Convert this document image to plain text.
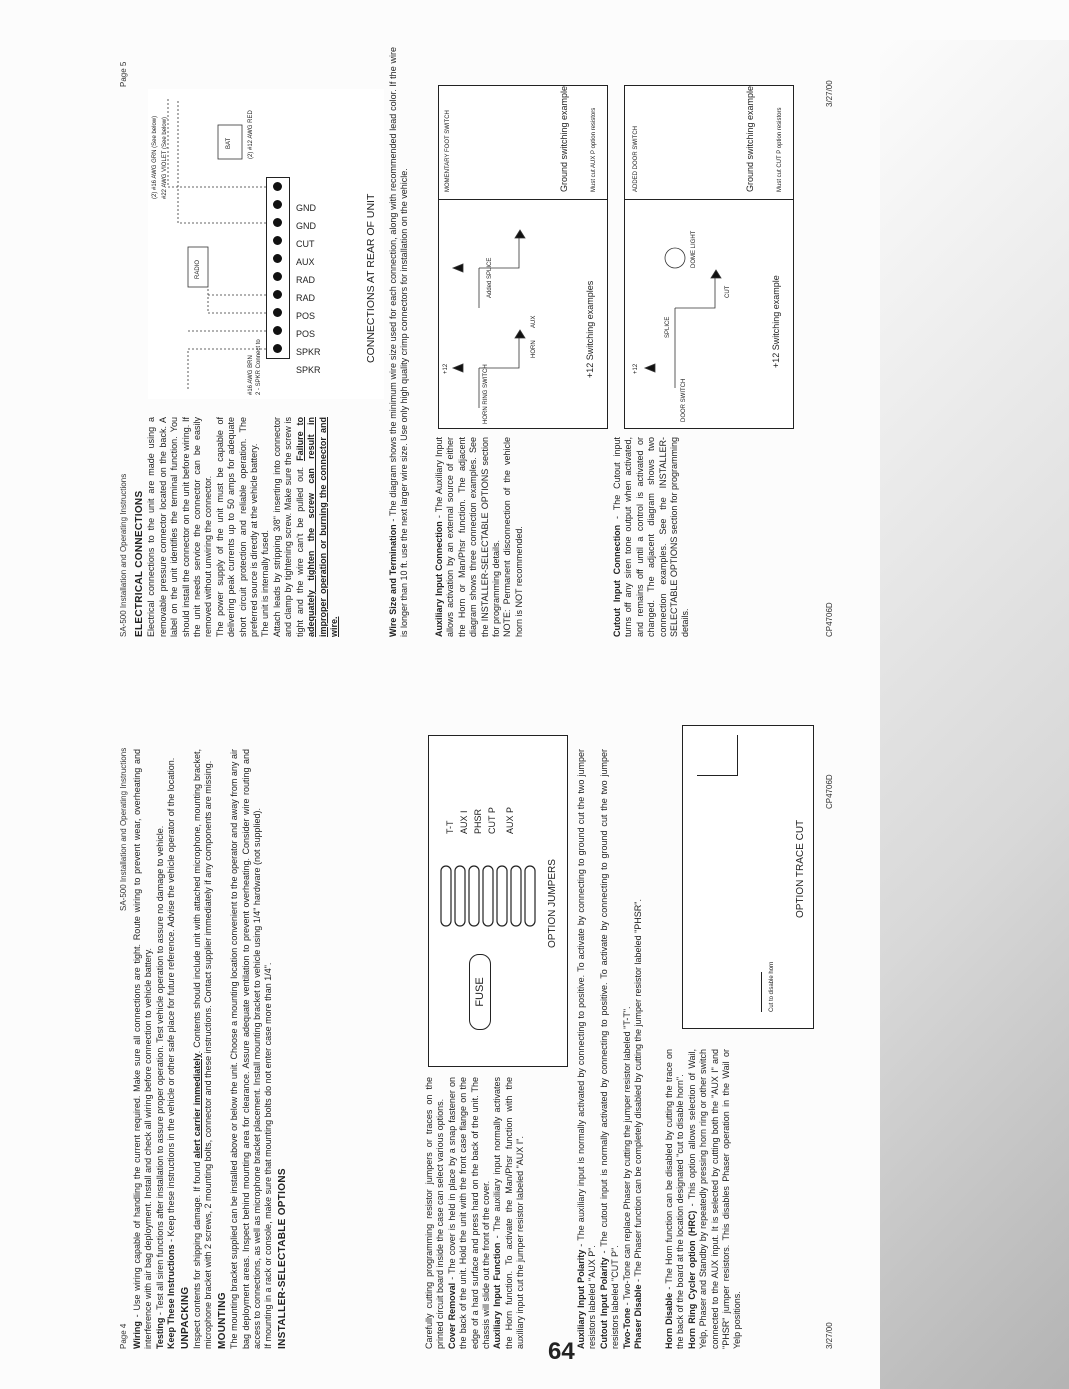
Page 4
SA-500 Installation and Operating Instructions

Wiring - Use wiring capable of handling the current required. Make sure all connections are tight. Route wiring to prevent wear, overheating and interference with air bag deployment. Install and check all wiring before connection to vehicle battery. Testing - Test all siren functions after installation to assure proper operation. Test vehicle operation to assure no damage to vehicle. Keep These Instructions - Keep these instructions in the vehicle or other safe place for future reference. Advise the vehicle operator of the location.

UNPACKING Inspect contents for shipping damage. If found alert carrier immediately. Contents should include unit with attached microphone, mounting bracket, microphone bracket with 2 screws, 2 mounting bolts, connector and these instructions. Contact supplier immediately if any components are missing. MOUNTING The mounting bracket supplied can be installed above or below the unit. Choose a mounting location convenient to the operator and away from any air bag deployment areas. Inspect behind mounting area for clearance. Assure adequate ventilation to prevent overheating. Consider wire routing and access to connections, as well as microphone bracket placement. Install mounting bracket to vehicle using 1/4" hardware (not supplied). If mounting in a rack or console, make sure that mounting bolts do not enter case more than 1/4". INSTALLER-SELECTABLE OPTIONS	Carefully cutting programming resistor jumpers or traces on the printed circuit board inside the case can select various options. Cover Removal - The cover is held in place by a snap fastener on the back of the unit. Hold the unit with the front case flange on the edge of a hard surface and press hard on the back of the unit. The chassis will slide out the front of the cover. Auxiliary Input Function - The auxiliary input normally activates the Horn function. To activate the Man/Phsr function with the auxiliary input cut the jumper resistor labeled "AUX I".	Auxiliary Input Polarity - The auxiliary input is normally activated by connecting to positive. To activate by connecting to ground cut the two jumper resistors labeled "AUX P". Cutout Input Polarity - The cutout input is normally activated by connecting to positive. To activate by connecting to ground cut the two jumper resistors labeled "CUT P". Two-Tone - Two-Tone can replace Phaser by cutting the jumper resistor labeled "T-T".

Phaser Disable - The Phaser function can be completely disabled by cutting the jumper resistor labeled "PHSR".

Horn Disable - The Horn function can be disabled by cutting the trace on the back of the board at the location designated "cut to disable horn". Horn Ring Cycler option (HRC) - This option allows selection of Wail, Yelp, Phaser and Standby by repeatedly pressing horn ring or other switch connected to the AUX input. It is selected by cutting both the "AUX I" and "PHSR" jumper resistors. This disables Phaser operation in the Wail or Yelp positions.

FUSE
T-T AUX I PHSR CUT P AUX P
OPTION JUMPERS
Cut to disable horn
OPTION TRACE CUT
3/27/00
CP4706D
SA-500 Installation and Operating Instructions
Page 5
ELECTRICAL CONNECTIONS Electrical connections to the unit are made using a removable pressure connector located on the back. A label on the unit identifies the terminal function. You should install the connector on the unit before wiring. If the unit needs service the connector can be easily removed without unwiring the connector. The power supply of the unit must be capable of delivering peak currents up to 50 amps for adequate short circuit protection and reliable operation. The preferred source is directly at the vehicle battery. The unit is internally fused. Attach leads by stripping 3/8" inserting into connector and clamp by tightening screw. Make sure the screw is tight and the wire can't be pulled out. Failure to adequately tighten the screw can result in improper operation or burning the connector and wire.	Wire Size and Termination - The diagram shows the minimum wire size used for each connection, along with recommended lead color. If the wire is longer than 10 ft. use the next larger wire size. Use only high quality crimp connectors for installation on the vehicle.	Auxiliary Input Connection - The Auxiliary Input allows activation by an external source of either the Horn or Man/Phsr function. The adjacent diagram shows three connection examples. See the INSTALLER-SELECTABLE OPTIONS section for programming details. NOTE: Permanent disconnection of the vehicle horn is NOT recommended.	Cutout Input Connection - The Cutout input turns off any siren tone output when activated, and remains off until a control is activated or changed. The adjacent diagram shows two connection examples. See the INSTALLER-SELECTABLE OPTIONS section for programming details.

SPKR
SPKR
POS
POS
RAD
RAD
AUX
CUT
GND
GND
RADIO
BAT
(2) #16 AWG GRN (See below) #22 AWG VIOLET (See below)	(2) #12 AWG RED
#16 AWG BRN 2 - SPKR Connect to
CONNECTIONS AT REAR OF UNIT
HORN RING SWITCH
+12
HORN
AUX
Added SPLICE
+12 Switching examples
MOMENTARY FOOT SWITCH	Ground switching example	Must cut AUX P option resistors
+12
DOOR SWITCH
SPLICE
DOME LIGHT
CUT	+12 Switching example
ADDED DOOR SWITCH	Ground switching example	Must cut CUT P option resistors
CP4706D
3/27/00
64
